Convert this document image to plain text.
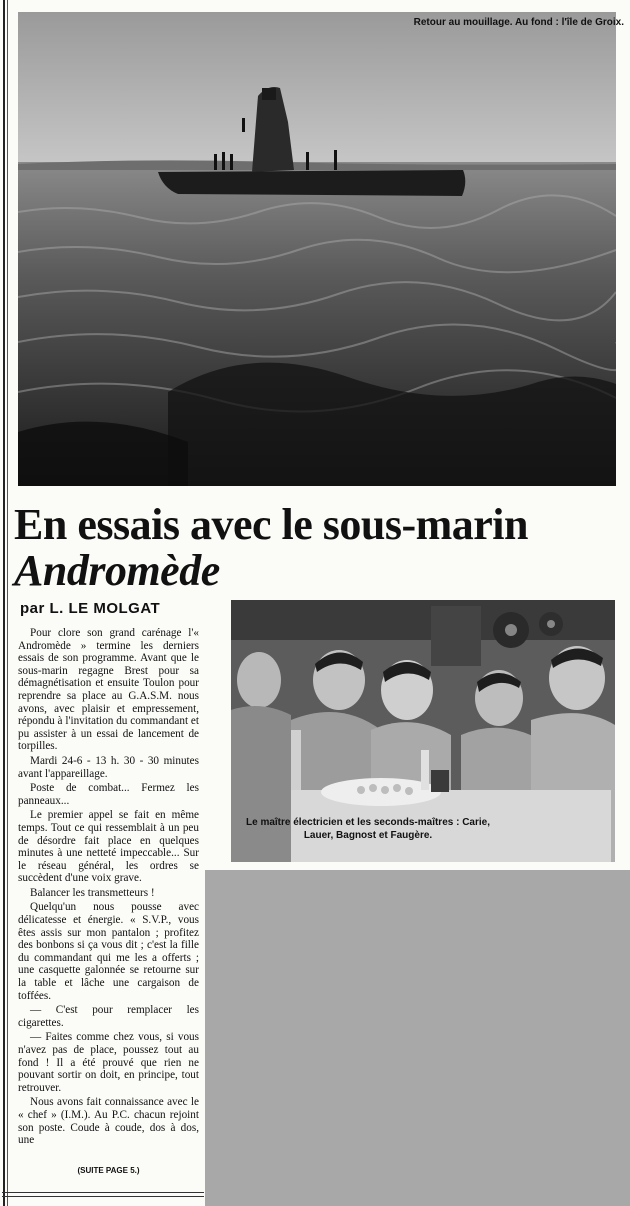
Retour au mouillage. Au fond : l'île de Groix.
En essais avec le sous-marin
Andromède
par L. LE MOLGAT

Pour clore son grand carénage l'« Andromède » termine les derniers essais de son programme. Avant que le sous-marin regagne Brest pour sa démagnétisation et ensuite Toulon pour reprendre sa place au G.A.S.M. nous avons, avec plaisir et empressement, répondu à l'invitation du commandant et pu assister à un essai de lancement de torpilles.

Mardi 24-6 - 13 h. 30 - 30 minutes avant l'appareillage.

Poste de combat... Fermez les panneaux...

Le premier appel se fait en même temps. Tout ce qui ressemblait à un peu de désordre fait place en quelques minutes à une netteté impeccable... Sur le réseau général, les ordres se succèdent d'une voix grave.

Balancer les transmetteurs !

Quelqu'un nous pousse avec délicatesse et énergie. « S.V.P., vous êtes assis sur mon pantalon ; profitez des bonbons si ça vous dit ; c'est la fille du commandant qui me les a offerts ; une casquette galonnée se retourne sur la table et lâche une cargaison de toffées.

— C'est pour remplacer les cigarettes.

— Faites comme chez vous, si vous n'avez pas de place, poussez tout au fond ! Il a été prouvé que rien ne pouvant sortir on doit, en principe, tout retrouver.

Nous avons fait connaissance avec le « chef » (I.M.). Au P.C. chacun rejoint son poste. Coude à coude, dos à dos, une

(SUITE PAGE 5.)
Le maître électricien et les seconds-maîtres : Carie, Lauer, Bagnost et Faugère.
